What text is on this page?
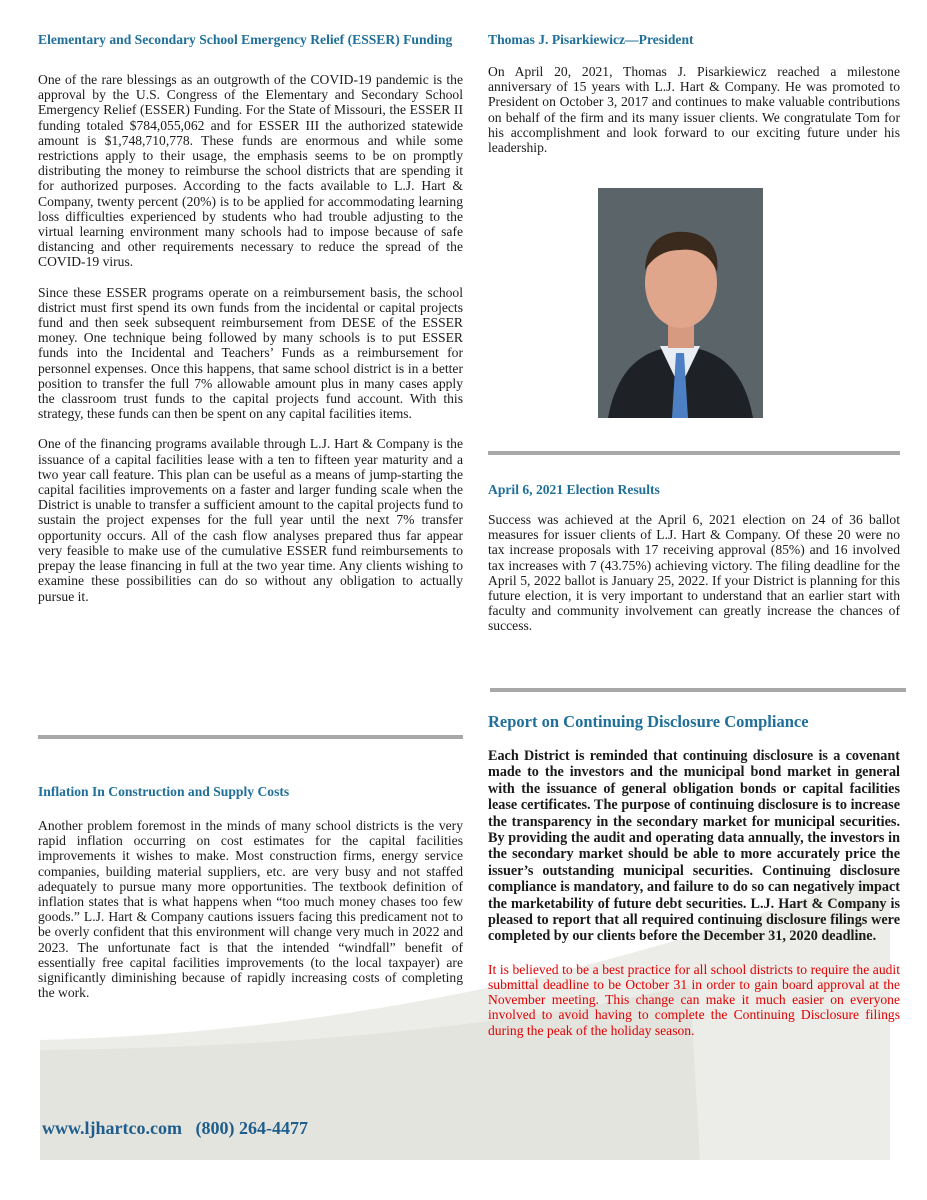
Elementary and Secondary School Emergency Relief (ESSER) Funding

One of the rare blessings as an outgrowth of the COVID-19 pandemic is the approval by the U.S. Congress of the Elementary and Secondary School Emergency Relief (ESSER) Funding. For the State of Missouri, the ESSER II funding totaled $784,055,062 and for ESSER III the authorized statewide amount is $1,748,710,778. These funds are enormous and while some restrictions apply to their usage, the emphasis seems to be on promptly distributing the money to reimburse the school districts that are spending it for authorized purposes. According to the facts available to L.J. Hart & Company, twenty percent (20%) is to be applied for accommodating learning loss difficulties experienced by students who had trouble adjusting to the virtual learning environment many schools had to impose because of safe distancing and other requirements necessary to reduce the spread of the COVID-19 virus.

Since these ESSER programs operate on a reimbursement basis, the school district must first spend its own funds from the incidental or capital projects fund and then seek subsequent reimbursement from DESE of the ESSER money. One technique being followed by many schools is to put ESSER funds into the Incidental and Teachers’ Funds as a reimbursement for personnel expenses. Once this happens, that same school district is in a better position to transfer the full 7% allowable amount plus in many cases apply the classroom trust funds to the capital projects fund account. With this strategy, these funds can then be spent on any capital facilities items.

One of the financing programs available through L.J. Hart & Company is the issuance of a capital facilities lease with a ten to fifteen year maturity and a two year call feature. This plan can be useful as a means of jump-starting the capital facilities improvements on a faster and larger funding scale when the District is unable to transfer a sufficient amount to the capital projects fund to sustain the project expenses for the full year until the next 7% transfer opportunity occurs. All of the cash flow analyses prepared thus far appear very feasible to make use of the cumulative ESSER fund reimbursements to prepay the lease financing in full at the two year time. Any clients wishing to examine these possibilities can do so without any obligation to actually pursue it.

Inflation In Construction and Supply Costs

Another problem foremost in the minds of many school districts is the very rapid inflation occurring on cost estimates for the capital facilities improvements it wishes to make. Most construction firms, energy service companies, building material suppliers, etc. are very busy and not staffed adequately to pursue many more opportunities. The textbook definition of inflation states that is what happens when “too much money chases too few goods.” L.J. Hart & Company cautions issuers facing this predicament not to be overly confident that this environment will change very much in 2022 and 2023. The unfortunate fact is that the intended “windfall” benefit of essentially free capital facilities improvements (to the local taxpayer) are significantly diminishing because of rapidly increasing costs of completing the work.

Thomas J. Pisarkiewicz—President

On April 20, 2021, Thomas J. Pisarkiewicz reached a milestone anniversary of 15 years with L.J. Hart & Company. He was promoted to President on October 3, 2017 and continues to make valuable contributions on behalf of the firm and its many issuer clients. We congratulate Tom for his accomplishment and look forward to our exciting future under his leadership.

April 6, 2021 Election Results

Success was achieved at the April 6, 2021 election on 24 of 36 ballot measures for issuer clients of L.J. Hart & Company. Of these 20 were no tax increase proposals with 17 receiving approval (85%) and 16 involved tax increases with 7 (43.75%) achieving victory. The filing deadline for the April 5, 2022 ballot is January 25, 2022. If your District is planning for this future election, it is very important to understand that an earlier start with faculty and community involvement can greatly increase the chances of success.

Report on Continuing Disclosure Compliance

Each District is reminded that continuing disclosure is a covenant made to the investors and the municipal bond market in general with the issuance of general obligation bonds or capital facilities lease certificates. The purpose of continuing disclosure is to increase the transparency in the secondary market for municipal securities. By providing the audit and operating data annually, the investors in the secondary market should be able to more accurately price the issuer’s outstanding municipal securities. Continuing disclosure compliance is mandatory, and failure to do so can negatively impact the marketability of future debt securities. L.J. Hart & Company is pleased to report that all required continuing disclosure filings were completed by our clients before the December 31, 2020 deadline.

It is believed to be a best practice for all school districts to require the audit submittal deadline to be October 31 in order to gain board approval at the November meeting. This change can make it much easier on everyone involved to avoid having to complete the Continuing Disclosure filings during the peak of the holiday season.

www.ljhartco.com (800) 264-4477
